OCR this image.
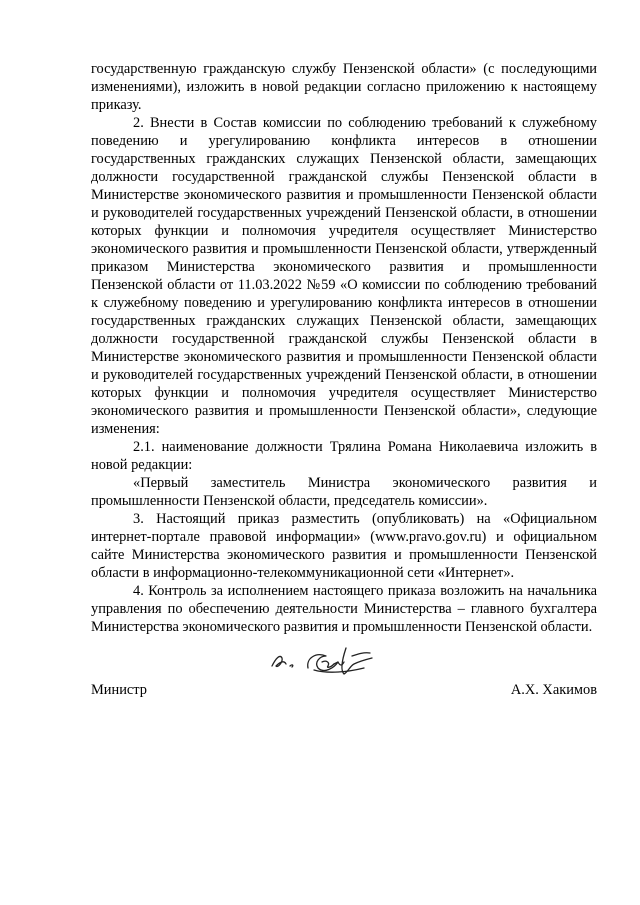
государственную гражданскую службу Пензенской области» (с последующими изменениями), изложить в новой редакции согласно приложению к настоящему приказу.

2. Внести в Состав комиссии по соблюдению требований к служебному поведению и урегулированию конфликта интересов в отношении государственных гражданских служащих Пензенской области, замещающих должности государственной гражданской службы Пензенской области в Министерстве экономического развития и промышленности Пензенской области и руководителей государственных учреждений Пензенской области, в отношении которых функции и полномочия учредителя осуществляет Министерство экономического развития и промышленности Пензенской области, утвержденный приказом Министерства экономического развития и промышленности Пензенской области от 11.03.2022 №59 «О комиссии по соблюдению требований к служебному поведению и урегулированию конфликта интересов в отношении государственных гражданских служащих Пензенской области, замещающих должности государственной гражданской службы Пензенской области в Министерстве экономического развития и промышленности Пензенской области и руководителей государственных учреждений Пензенской области, в отношении которых функции и полномочия учредителя осуществляет Министерство экономического развития и промышленности Пензенской области», следующие изменения:

2.1. наименование должности Трялина Романа Николаевича изложить в новой редакции:

«Первый заместитель Министра экономического развития и промышленности Пензенской области, председатель комиссии».

3. Настоящий приказ разместить (опубликовать) на «Официальном интернет-портале правовой информации» (www.pravo.gov.ru) и официальном сайте Министерства экономического развития и промышленности Пензенской области в информационно-телекоммуникационной сети «Интернет».

4. Контроль за исполнением настоящего приказа возложить на начальника управления по обеспечению деятельности Министерства – главного бухгалтера Министерства экономического развития и промышленности Пензенской области.

Министр	А.Х. Хакимов
